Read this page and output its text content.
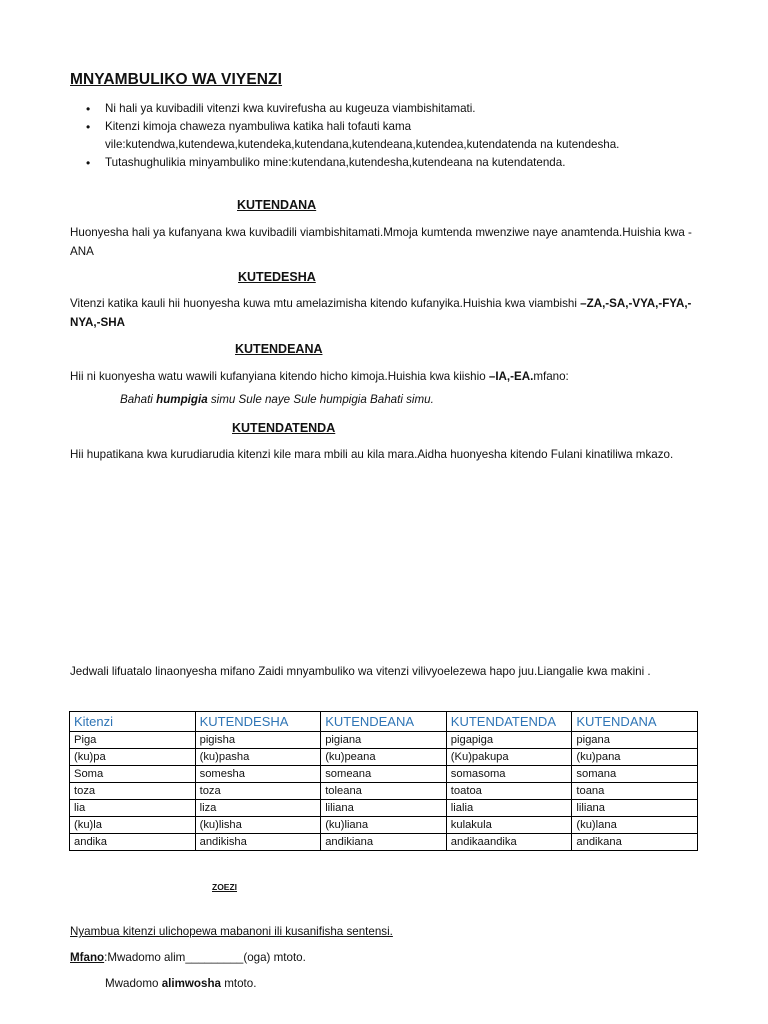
MNYAMBULIKO WA VIYENZI
• Ni hali ya kuvibadili vitenzi kwa kuvirefusha au kugeuza viambishitamati.
• Kitenzi kimoja chaweza nyambuliwa katika hali tofauti kama vile:kutendwa,kutendewa,kutendeka,kutendana,kutendeana,kutendea,kutendatenda na kutendesha.
• Tutashughulikia minyambuliko mine:kutendana,kutendesha,kutendeana na kutendatenda.
KUTENDANA
Huonyesha hali ya kufanyana kwa kuvibadili viambishitamati.Mmoja kumtenda mwenziwe naye anamtenda.Huishia kwa -ANA
KUTEDESHA
Vitenzi katika kauli hii huonyesha kuwa mtu amelazimisha kitendo kufanyika.Huishia kwa viambishi –ZA,-SA,-VYA,-FYA,-NYA,-SHA
KUTENDEANA
Hii ni kuonyesha watu wawili kufanyiana kitendo hicho kimoja.Huishia kwa kiishio –IA,-EA.mfano:
Bahati humpigia simu Sule naye Sule humpigia Bahati simu.
KUTENDATENDA
Hii hupatikana kwa kurudiarudia kitenzi kile mara mbili au kila mara.Aidha huonyesha kitendo Fulani kinatiliwa mkazo.
Jedwali lifuatalo linaonyesha mifano Zaidi mnyambuliko wa vitenzi vilivyoelezewa hapo juu.Liangalie kwa makini .
Kitenzi	KUTENDESHA	KUTENDEANA	KUTENDATENDA	KUTENDANA
Piga	pigisha	pigiana	pigapiga	pigana
(ku)pa	(ku)pasha	(ku)peana	(Ku)pakupa	(ku)pana
Soma	somesha	someana	somasoma	somana
toza	toza	toleana	toatoa	toana
lia	liza	liliana	lialia	liliana
(ku)la	(ku)lisha	(ku)liana	kulakula	(ku)lana
andika	andikisha	andikiana	andikaandika	andikana
ZOEZI
Nyambua kitenzi ulichopewa mabanoni ili kusanifisha sentensi.
Mfano:Mwadomo alim_________(oga) mtoto.
Mwadomo alimwosha mtoto.
